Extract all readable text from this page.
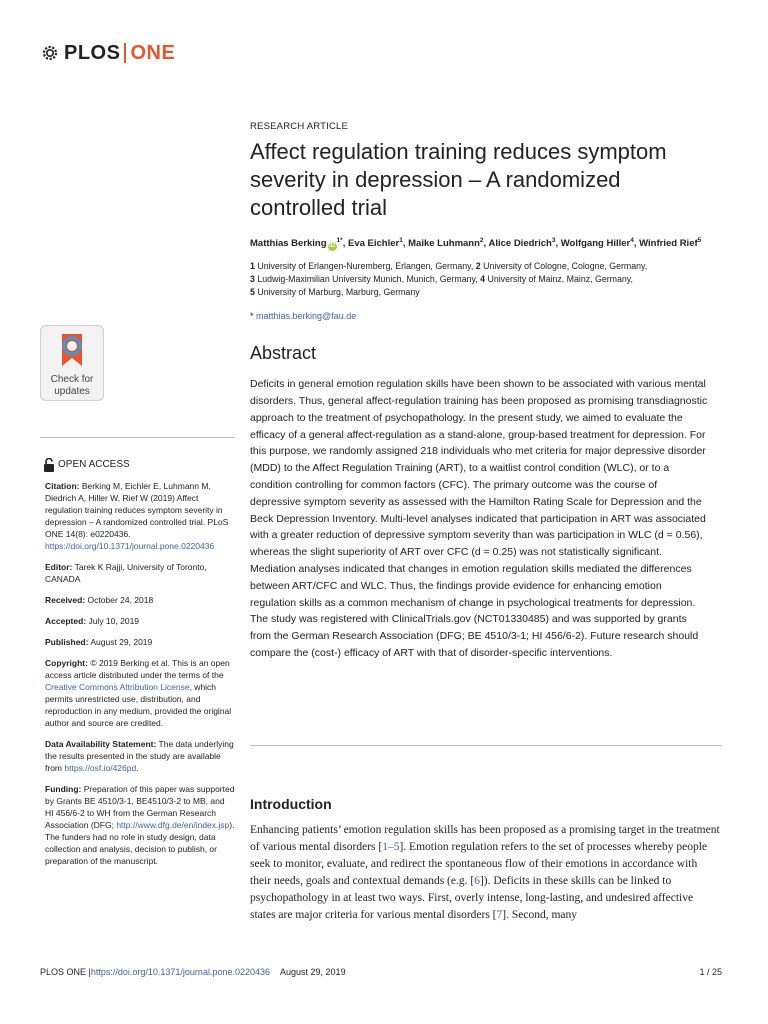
PLOS ONE
Check for
updates
OPEN ACCESS
Citation: Berking M, Eichler E, Luhmann M, Diedrich A, Hiller W, Rief W (2019) Affect regulation training reduces symptom severity in depression – A randomized controlled trial. PLoS ONE 14(8): e0220436. https://doi.org/10.1371/journal.pone.0220436
Editor: Tarek K Rajji, University of Toronto, CANADA
Received: October 24, 2018
Accepted: July 10, 2019
Published: August 29, 2019
Copyright: © 2019 Berking et al. This is an open access article distributed under the terms of the Creative Commons Attribution License, which permits unrestricted use, distribution, and reproduction in any medium, provided the original author and source are credited.
Data Availability Statement: The data underlying the results presented in the study are available from https://osf.io/426pd.
Funding: Preparation of this paper was supported by Grants BE 4510/3-1, BE4510/3-2 to MB, and HI 456/6-2 to WH from the German Research Association (DFG; http://www.dfg.de/en/index.jsp). The funders had no role in study design, data collection and analysis, decision to publish, or preparation of the manuscript.
RESEARCH ARTICLE
Affect regulation training reduces symptom severity in depression – A randomized controlled trial
Matthias Berking $iD^{1*}$, Eva Eichler$^1$, Maike Luhmann$^2$, Alice Diedrich$^3$, Wolfgang Hiller$^4$, Winfried Rief$^5$
1 University of Erlangen-Nuremberg, Erlangen, Germany, 2 University of Cologne, Cologne, Germany,
3 Ludwig-Maximilian University Munich, Munich, Germany, 4 University of Mainz, Mainz, Germany,
5 University of Marburg, Marburg, Germany
* matthias.berking@fau.de
Abstract

Deficits in general emotion regulation skills have been shown to be associated with various mental disorders. Thus, general affect-regulation training has been proposed as promising transdiagnostic approach to the treatment of psychopathology. In the present study, we aimed to evaluate the efficacy of a general affect-regulation as a stand-alone, group-based treatment for depression. For this purpose, we randomly assigned 218 individuals who met criteria for major depressive disorder (MDD) to the Affect Regulation Training (ART), to a waitlist control condition (WLC), or to a condition controlling for common factors (CFC). The primary outcome was the course of depressive symptom severity as assessed with the Hamilton Rating Scale for Depression and the Beck Depression Inventory. Multi-level analyses indicated that participation in ART was associated with a greater reduction of depressive symptom severity than was participation in WLC (d = 0.56), whereas the slight superiority of ART over CFC (d = 0.25) was not statistically significant. Mediation analyses indicated that changes in emotion regulation skills mediated the differences between ART/CFC and WLC. Thus, the findings provide evidence for enhancing emotion regulation skills as a common mechanism of change in psychological treatments for depression. The study was registered with ClinicalTrials.gov (NCT01330485) and was supported by grants from the German Research Association (DFG; BE 4510/3-1; HI 456/6-2). Future research should compare the (cost-) efficacy of ART with that of disorder-specific interventions.

Introduction

Enhancing patients’ emotion regulation skills has been proposed as a promising target in the treatment of various mental disorders [1–5]. Emotion regulation refers to the set of processes whereby people seek to monitor, evaluate, and redirect the spontaneous flow of their emotions in accordance with their needs, goals and contextual demands (e.g. [6]). Deficits in these skills can be linked to psychopathology in at least two ways. First, overly intense, long-lasting, and undesired affective states are major criteria for various mental disorders [7]. Second, many

PLOS ONE | https://doi.org/10.1371/journal.pone.0220436 August 29, 2019	1 / 25
